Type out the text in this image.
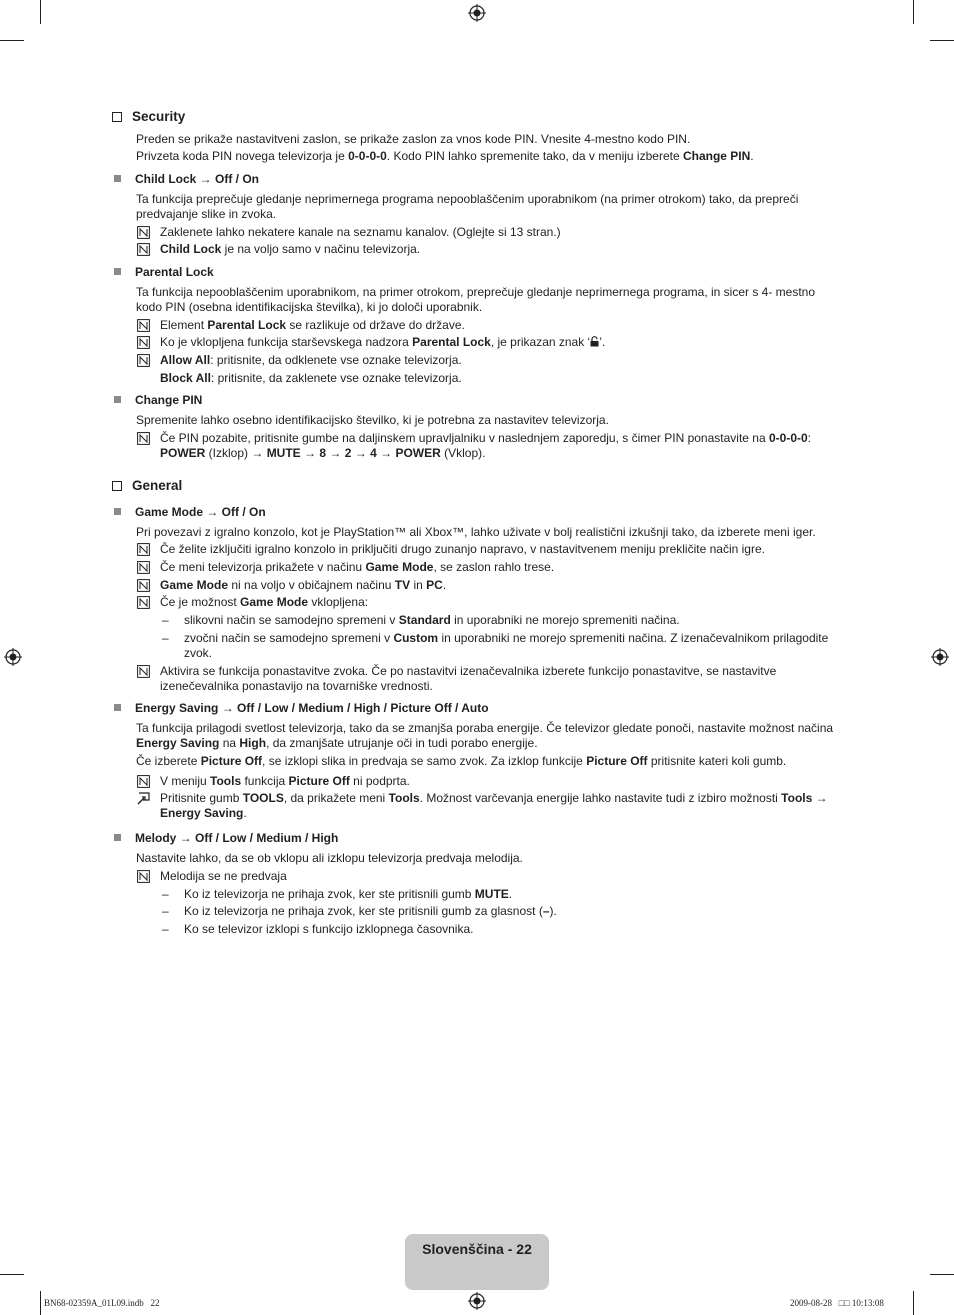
Security
Preden se prikaže nastavitveni zaslon, se prikaže zaslon za vnos kode PIN. Vnesite 4-mestno kodo PIN.
Privzeta koda PIN novega televizorja je 0-0-0-0. Kodo PIN lahko spremenite tako, da v meniju izberete Change PIN.
Child Lock → Off / On
Ta funkcija preprečuje gledanje neprimernega programa nepooblaščenim uporabnikom (na primer otrokom) tako, da prepreči predvajanje slike in zvoka.
Zaklenete lahko nekatere kanale na seznamu kanalov. (Oglejte si 13 stran.)
Child Lock je na voljo samo v načinu televizorja.
Parental Lock
Ta funkcija nepooblaščenim uporabnikom, na primer otrokom, preprečuje gledanje neprimernega programa, in sicer s 4- mestno kodo PIN (osebna identifikacijska številka), ki jo določi uporabnik.
Element Parental Lock se razlikuje od države do države.
Ko je vklopljena funkcija starševskega nadzora Parental Lock, je prikazan znak ‘ ’.
Allow All: pritisnite, da odklenete vse oznake televizorja.
Block All: pritisnite, da zaklenete vse oznake televizorja.
Change PIN
Spremenite lahko osebno identifikacijsko številko, ki je potrebna za nastavitev televizorja.
Če PIN pozabite, pritisnite gumbe na daljinskem upravljalniku v naslednjem zaporedju, s čimer PIN ponastavite na 0-0-0-0:
POWER (Izklop) → MUTE → 8 → 2 → 4 → POWER (Vklop).
General
Game Mode → Off / On
Pri povezavi z igralno konzolo, kot je PlayStation™ ali Xbox™, lahko uživate v bolj realistični izkušnji tako, da izberete meni iger.
Če želite izključiti igralno konzolo in priključiti drugo zunanjo napravo, v nastavitvenem meniju prekličite način igre.
Če meni televizorja prikažete v načinu Game Mode, se zaslon rahlo trese.
Game Mode ni na voljo v običajnem načinu TV in PC.
Če je možnost Game Mode vklopljena:
– slikovni način se samodejno spremeni v Standard in uporabniki ne morejo spremeniti načina.
– zvočni način se samodejno spremeni v Custom in uporabniki ne morejo spremeniti načina. Z izenačevalnikom prilagodite zvok.
Aktivira se funkcija ponastavitve zvoka. Če po nastavitvi izenačevalnika izberete funkcijo ponastavitve, se nastavitve izenečevalnika ponastavijo na tovarniške vrednosti.
Energy Saving → Off / Low / Medium / High / Picture Off / Auto
Ta funkcija prilagodi svetlost televizorja, tako da se zmanjša poraba energije. Če televizor gledate ponoči, nastavite možnost načina Energy Saving na High, da zmanjšate utrujanje oči in tudi porabo energije.
Če izberete Picture Off, se izklopi slika in predvaja se samo zvok. Za izklop funkcije Picture Off pritisnite kateri koli gumb.
V meniju Tools funkcija Picture Off ni podprta.
Pritisnite gumb TOOLS, da prikažete meni Tools. Možnost varčevanja energije lahko nastavite tudi z izbiro možnosti Tools →
Energy Saving.
Melody → Off / Low / Medium / High
Nastavite lahko, da se ob vklopu ali izklopu televizorja predvaja melodija.
Melodija se ne predvaja
– Ko iz televizorja ne prihaja zvok, ker ste pritisnili gumb MUTE.
– Ko iz televizorja ne prihaja zvok, ker ste pritisnili gumb za glasnost (–).
– Ko se televizor izklopi s funkcijo izklopnega časovnika.
Slovenščina - 22
BN68-02359A_01L09.indb   22	2009-08-28   □□ 10:13:08
